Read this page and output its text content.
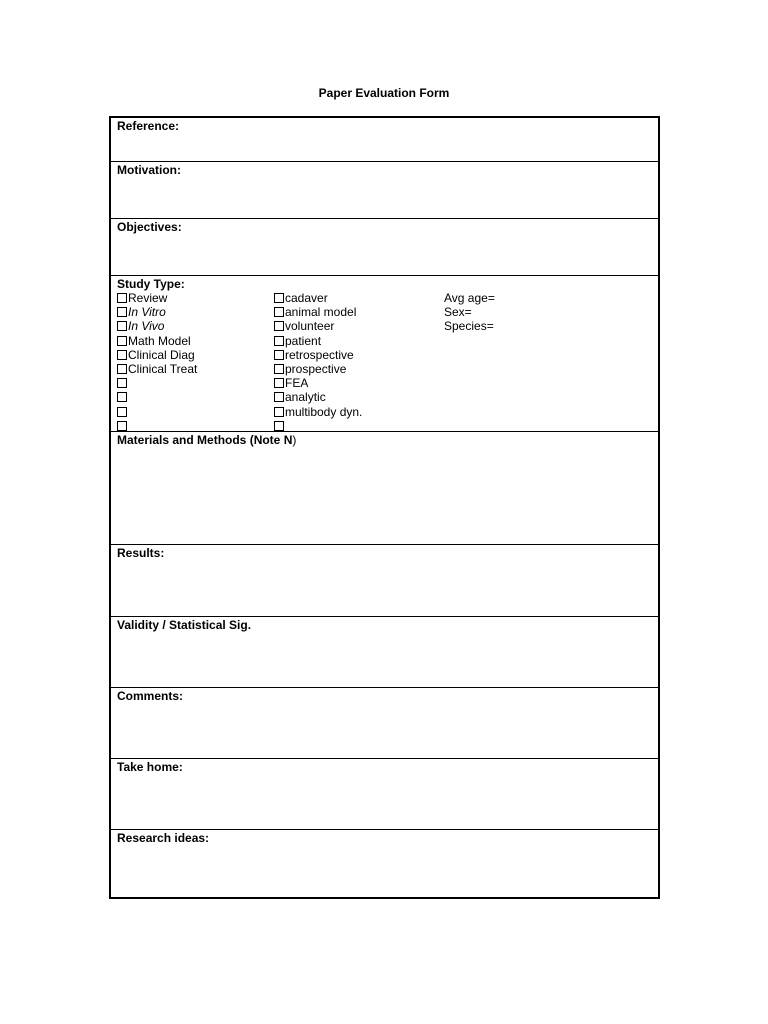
Paper Evaluation Form
Reference:
Motivation:
Objectives:
Study Type:
Review
In Vitro
In Vivo
Math Model
Clinical Diag
Clinical Treat
cadaver
animal model
volunteer
patient
retrospective
prospective
FEA
analytic
multibody dyn.
Avg age=
Sex=
Species=
Materials and Methods (Note N)
Results:
Validity / Statistical Sig.
Comments:
Take home:
Research ideas:
